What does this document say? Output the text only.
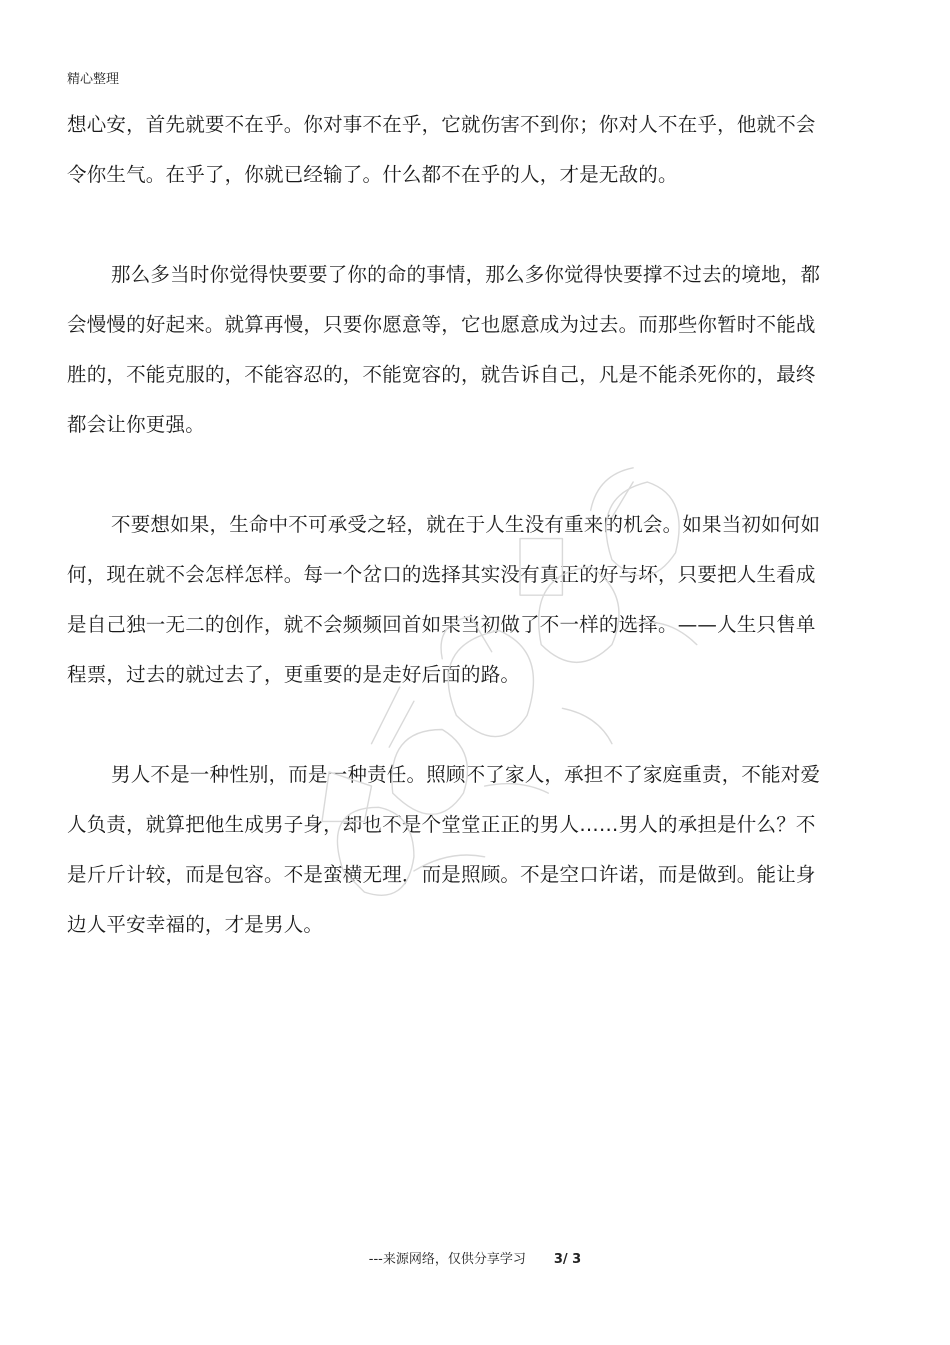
精心整理

想心安，首先就要不在乎。你对事不在乎，它就伤害不到你；你对人不在乎，他就不会令你生气。在乎了，你就已经输了。什么都不在乎的人，才是无敌的。

那么多当时你觉得快要要了你的命的事情，那么多你觉得快要撑不过去的境地，都会慢慢的好起来。就算再慢，只要你愿意等，它也愿意成为过去。而那些你暂时不能战胜的，不能克服的，不能容忍的，不能宽容的，就告诉自己，凡是不能杀死你的，最终都会让你更强。

不要想如果，生命中不可承受之轻，就在于人生没有重来的机会。如果当初如何如何，现在就不会怎样怎样。每一个岔口的选择其实没有真正的好与坏，只要把人生看成是自己独一无二的创作，就不会频频回首如果当初做了不一样的选择。——人生只售单程票，过去的就过去了，更重要的是走好后面的路。

男人不是一种性别，而是一种责任。照顾不了家人，承担不了家庭重责，不能对爱人负责，就算把他生成男子身，却也不是个堂堂正正的男人……男人的承担是什么？不是斤斤计较，而是包容。不是蛮横无理，而是照顾。不是空口许诺，而是做到。能让身边人平安幸福的，才是男人。

---来源网络，仅供分享学习 3/ 3
